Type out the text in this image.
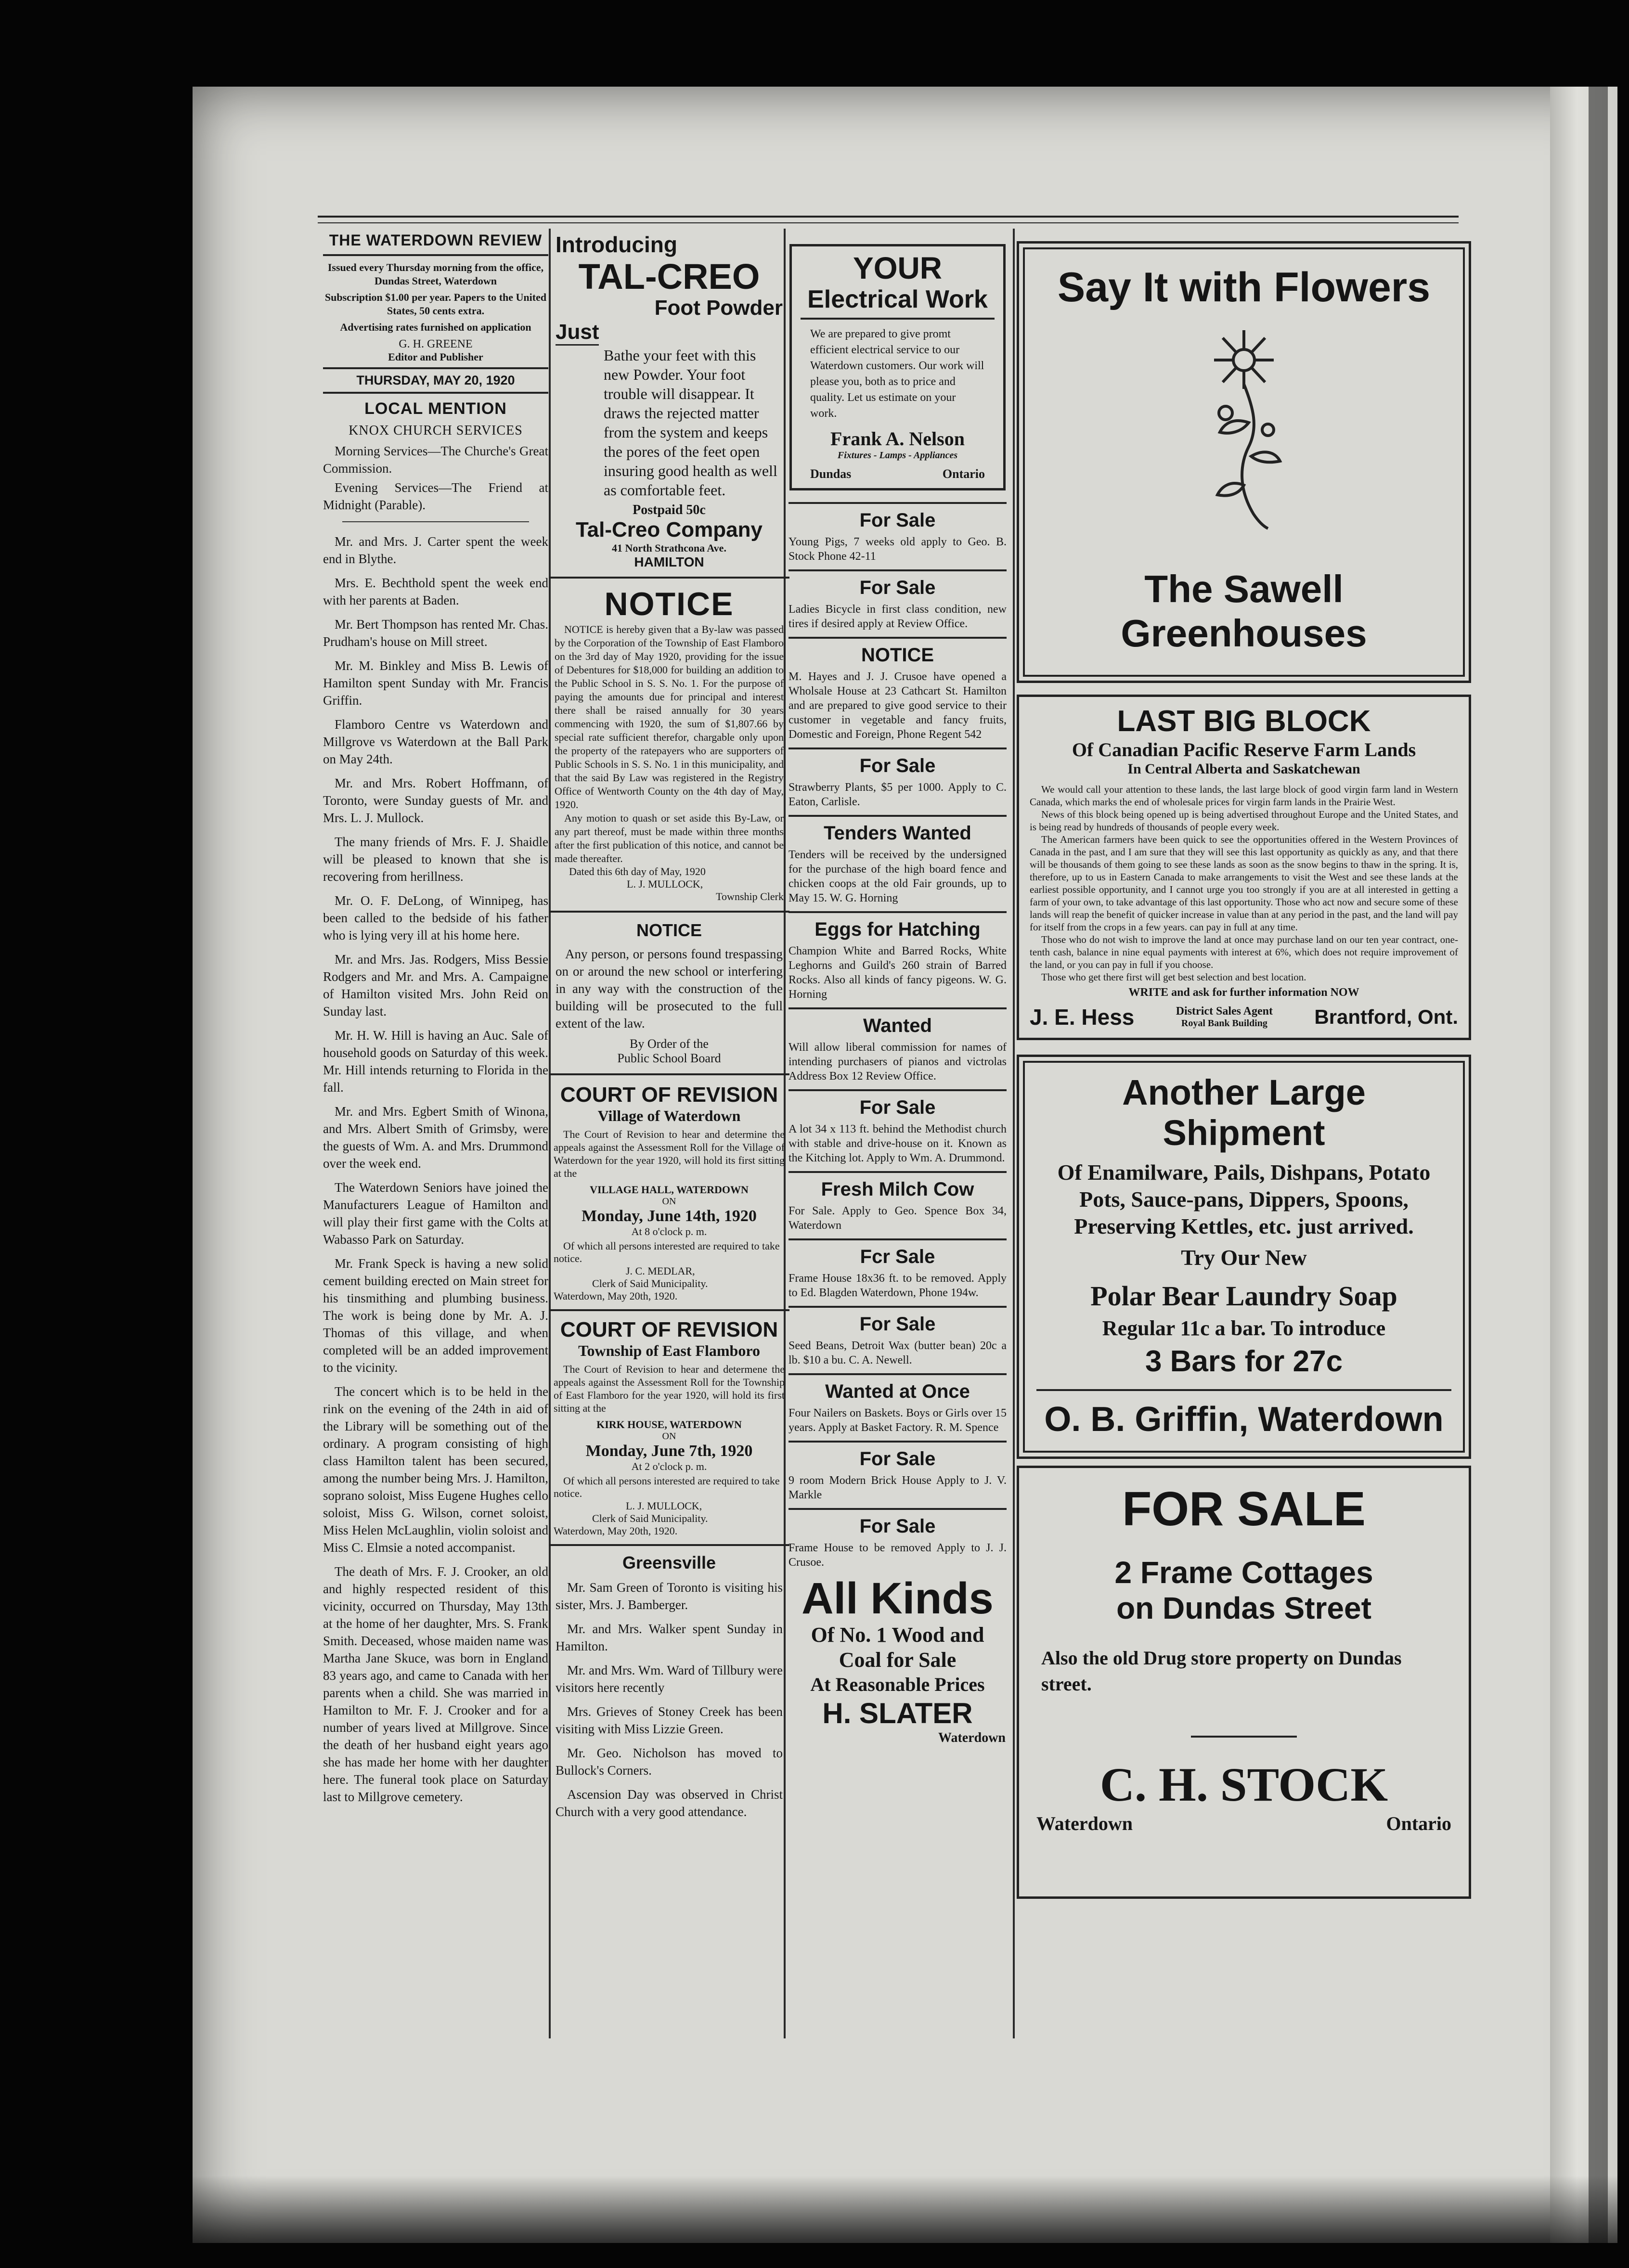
THE WATERDOWN REVIEW

Issued every Thursday morning from the office, Dundas Street, Waterdown

Subscription $1.00 per year. Papers to the United States, 50 cents extra.

Advertising rates furnished on application

G. H. GREENE

Editor and Publisher

THURSDAY, MAY 20, 1920

LOCAL MENTION

KNOX CHURCH SERVICES

Morning Services—The Churche's Great Commission.

Evening Services—The Friend at Midnight (Parable).

Mr. and Mrs. J. Carter spent the week end in Blythe.

Mrs. E. Bechthold spent the week end with her parents at Baden.

Mr. Bert Thompson has rented Mr. Chas. Prudham's house on Mill street.

Mr. M. Binkley and Miss B. Lewis of Hamilton spent Sunday with Mr. Francis Griffin.

Flamboro Centre vs Waterdown and Millgrove vs Waterdown at the Ball Park on May 24th.

Mr. and Mrs. Robert Hoffmann, of Toronto, were Sunday guests of Mr. and Mrs. L. J. Mullock.

The many friends of Mrs. F. J. Shaidle will be pleased to known that she is recovering from herillness.

Mr. O. F. DeLong, of Winnipeg, has been called to the bedside of his father who is lying very ill at his home here.

Mr. and Mrs. Jas. Rodgers, Miss Bessie Rodgers and Mr. and Mrs. A. Campaigne of Hamilton visited Mrs. John Reid on Sunday last.

Mr. H. W. Hill is having an Auc. Sale of household goods on Saturday of this week. Mr. Hill intends returning to Florida in the fall.

Mr. and Mrs. Egbert Smith of Winona, and Mrs. Albert Smith of Grimsby, were the guests of Wm. A. and Mrs. Drummond over the week end.

The Waterdown Seniors have joined the Manufacturers League of Hamilton and will play their first game with the Colts at Wabasso Park on Saturday.

Mr. Frank Speck is having a new solid cement building erected on Main street for his tinsmithing and plumbing business. The work is being done by Mr. A. J. Thomas of this village, and when completed will be an added improvement to the vicinity.

The concert which is to be held in the rink on the evening of the 24th in aid of the Library will be something out of the ordinary. A program consisting of high class Hamilton talent has been secured, among the number being Mrs. J. Hamilton, soprano soloist, Miss Eugene Hughes cello soloist, Miss G. Wilson, cornet soloist, Miss Helen McLaughlin, violin soloist and Miss C. Elmsie a noted accompanist.

The death of Mrs. F. J. Crooker, an old and highly respected resident of this vicinity, occurred on Thursday, May 13th at the home of her daughter, Mrs. S. Frank Smith. Deceased, whose maiden name was Martha Jane Skuce, was born in England 83 years ago, and came to Canada with her parents when a child. She was married in Hamilton to Mr. F. J. Crooker and for a number of years lived at Millgrove. Since the death of her husband eight years ago she has made her home with her daughter here. The funeral took place on Saturday last to Millgrove cemetery.

Introducing

TAL-CREO

Foot Powder

Just

Bathe your feet with this new Powder. Your foot trouble will disappear. It draws the rejected matter from the system and keeps the pores of the feet open insuring good health as well as comfortable feet.

Postpaid 50c

Tal-Creo Company

41 North Strathcona Ave.

HAMILTON

NOTICE

NOTICE is hereby given that a By-law was passed by the Corporation of the Township of East Flamboro on the 3rd day of May 1920, providing for the issue of Debentures for $18,000 for building an addition to the Public School in S. S. No. 1. For the purpose of paying the amounts due for principal and interest there shall be raised annually for 30 years commencing with 1920, the sum of $1,807.66 by special rate sufficient therefor, chargable only upon the property of the ratepayers who are supporters of Public Schools in S. S. No. 1 in this municipality, and that the said By Law was registered in the Registry Office of Wentworth County on the 4th day of May, 1920.

Any motion to quash or set aside this By-Law, or any part thereof, must be made within three months after the first publication of this notice, and cannot be made thereafter.

Dated this 6th day of May, 1920

L. J. MULLOCK,

Township Clerk

NOTICE

Any person, or persons found trespassing on or around the new school or interfering in any way with the construction of the building will be prosecuted to the full extent of the law.

By Order of the

Public School Board

COURT OF REVISION

Village of Waterdown

The Court of Revision to hear and determine the appeals against the Assessment Roll for the Village of Waterdown for the year 1920, will hold its first sitting at the

VILLAGE HALL, WATERDOWN

ON

Monday, June 14th, 1920

At 8 o'clock p. m.

Of which all persons interested are required to take notice.

J. C. MEDLAR,

Clerk of Said Municipality.

Waterdown, May 20th, 1920.

COURT OF REVISION

Township of East Flamboro

The Court of Revision to hear and determene the appeals against the Assessment Roll for the Township of East Flamboro for the year 1920, will hold its first sitting at the

KIRK HOUSE, WATERDOWN

ON

Monday, June 7th, 1920

At 2 o'clock p. m.

Of which all persons interested are required to take notice.

L. J. MULLOCK,

Clerk of Said Municipality.

Waterdown, May 20th, 1920.

Greensville

Mr. Sam Green of Toronto is visiting his sister, Mrs. J. Bamberger.

Mr. and Mrs. Walker spent Sunday in Hamilton.

Mr. and Mrs. Wm. Ward of Tillbury were visitors here recently

Mrs. Grieves of Stoney Creek has been visiting with Miss Lizzie Green.

Mr. Geo. Nicholson has moved to Bullock's Corners.

Ascension Day was observed in Christ Church with a very good attendance.

YOUR

Electrical Work

We are prepared to give promt efficient electrical service to our Waterdown customers. Our work will please you, both as to price and quality. Let us estimate on your work.

Frank A. Nelson

Fixtures - Lamps - Appliances

Dundas	Ontario

For Sale

Young Pigs, 7 weeks old apply to Geo. B. Stock Phone 42-11

For Sale

Ladies Bicycle in first class condition, new tires if desired apply at Review Office.

NOTICE

M. Hayes and J. J. Crusoe have opened a Wholsale House at 23 Cathcart St. Hamilton and are prepared to give good service to their customer in vegetable and fancy fruits, Domestic and Foreign, Phone Regent 542

For Sale

Strawberry Plants, $5 per 1000. Apply to C. Eaton, Carlisle.

Tenders Wanted

Tenders will be received by the undersigned for the purchase of the high board fence and chicken coops at the old Fair grounds, up to May 15. W. G. Horning

Eggs for Hatching

Champion White and Barred Rocks, White Leghorns and Guild's 260 strain of Barred Rocks. Also all kinds of fancy pigeons. W. G. Horning

Wanted

Will allow liberal commission for names of intending purchasers of pianos and victrolas Address Box 12 Review Office.

For Sale

A lot 34 x 113 ft. behind the Methodist church with stable and drive-house on it. Known as the Kitching lot. Apply to Wm. A. Drummond.

Fresh Milch Cow

For Sale. Apply to Geo. Spence Box 34, Waterdown

Fcr Sale

Frame House 18x36 ft. to be removed. Apply to Ed. Blagden Waterdown, Phone 194w.

For Sale

Seed Beans, Detroit Wax (butter bean) 20c a lb. $10 a bu. C. A. Newell.

Wanted at Once

Four Nailers on Baskets. Boys or Girls over 15 years. Apply at Basket Factory. R. M. Spence

For Sale

9 room Modern Brick House Apply to J. V. Markle

For Sale

Frame House to be removed Apply to J. J. Crusoe.

All Kinds

Of No. 1 Wood and

Coal for Sale

At Reasonable Prices

H. SLATER

Waterdown

Say It with Flowers

The Sawell Greenhouses

LAST BIG BLOCK

Of Canadian Pacific Reserve Farm Lands

In Central Alberta and Saskatchewan

We would call your attention to these lands, the last large block of good virgin farm land in Western Canada, which marks the end of wholesale prices for virgin farm lands in the Prairie West.

News of this block being opened up is being advertised throughout Europe and the United States, and is being read by hundreds of thousands of people every week.

The American farmers have been quick to see the opportunities offered in the Western Provinces of Canada in the past, and I am sure that they will see this last opportunity as quickly as any, and that there will be thousands of them going to see these lands as soon as the snow begins to thaw in the spring. It is, therefore, up to us in Eastern Canada to make arrangements to visit the West and see these lands at the earliest possible opportunity, and I cannot urge you too strongly if you are at all interested in getting a farm of your own, to take advantage of this last opportunity. Those who act now and secure some of these lands will reap the benefit of quicker increase in value than at any period in the past, and the land will pay for itself from the crops in a few years. can pay in full at any time.

Those who do not wish to improve the land at once may purchase land on our ten year contract, one-tenth cash, balance in nine equal payments with interest at 6%, which does not require improvement of the land, or you can pay in full if you choose.

Those who get there first will get best selection and best location.

WRITE and ask for further information NOW

J. E. Hess	District Sales Agent
Royal Bank Building Brantford, Ont.

Another Large Shipment

Of Enamilware, Pails, Dishpans, Potato Pots, Sauce-pans, Dippers, Spoons, Preserving Kettles, etc. just arrived.

Try Our New

Polar Bear Laundry Soap

Regular 11c a bar. To introduce

3 Bars for 27c

O. B. Griffin, Waterdown

FOR SALE

2 Frame Cottages

on Dundas Street

Also the old Drug store property on Dundas street.

C. H. STOCK

Waterdown	Ontario
